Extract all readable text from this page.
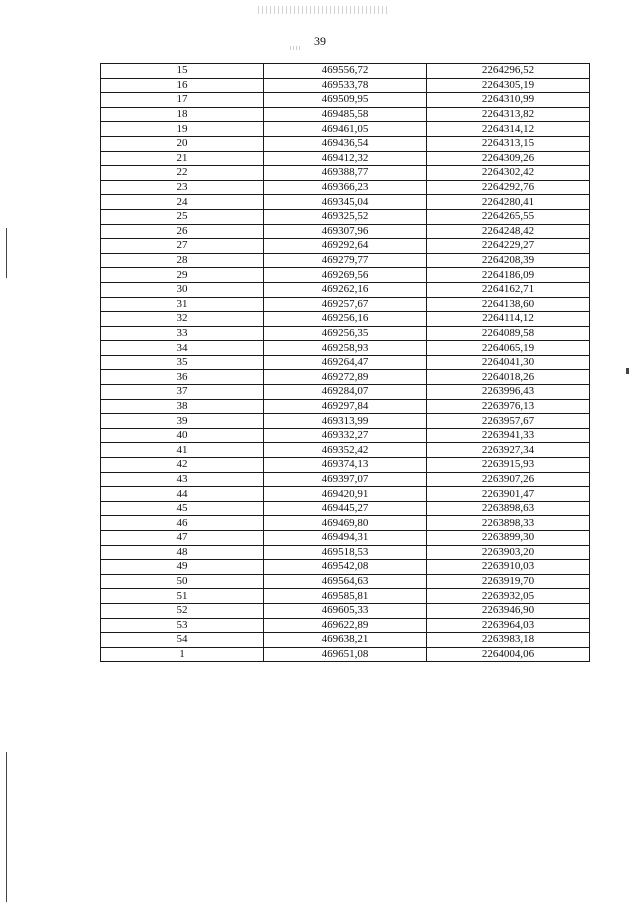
39
15	469556,72	2264296,52
16	469533,78	2264305,19
17	469509,95	2264310,99
18	469485,58	2264313,82
19	469461,05	2264314,12
20	469436,54	2264313,15
21	469412,32	2264309,26
22	469388,77	2264302,42
23	469366,23	2264292,76
24	469345,04	2264280,41
25	469325,52	2264265,55
26	469307,96	2264248,42
27	469292,64	2264229,27
28	469279,77	2264208,39
29	469269,56	2264186,09
30	469262,16	2264162,71
31	469257,67	2264138,60
32	469256,16	2264114,12
33	469256,35	2264089,58
34	469258,93	2264065,19
35	469264,47	2264041,30
36	469272,89	2264018,26
37	469284,07	2263996,43
38	469297,84	2263976,13
39	469313,99	2263957,67
40	469332,27	2263941,33
41	469352,42	2263927,34
42	469374,13	2263915,93
43	469397,07	2263907,26
44	469420,91	2263901,47
45	469445,27	2263898,63
46	469469,80	2263898,33
47	469494,31	2263899,30
48	469518,53	2263903,20
49	469542,08	2263910,03
50	469564,63	2263919,70
51	469585,81	2263932,05
52	469605,33	2263946,90
53	469622,89	2263964,03
54	469638,21	2263983,18
1	469651,08	2264004,06
